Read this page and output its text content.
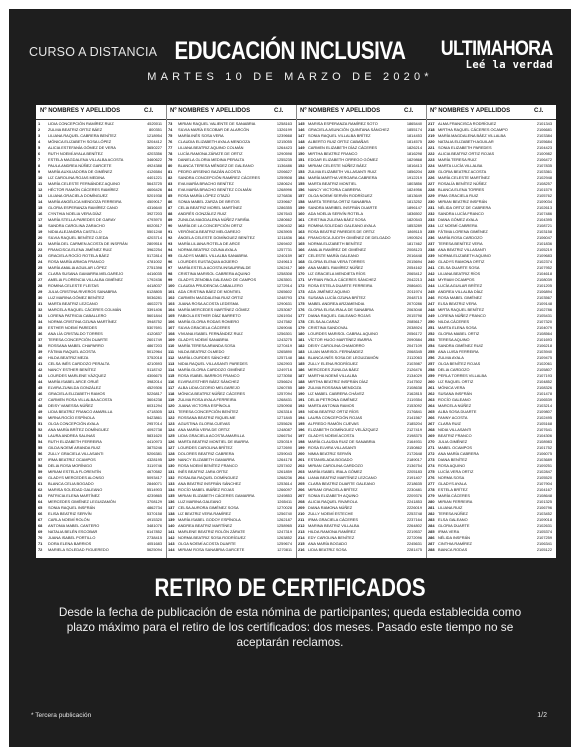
CURSO A DISTANCIA EDUCACIÓN INCLUSIVA
MARTES 10 DE MARZO DE 2020*
ULTIMAHORA
Leé la verdad
Nº NOMBRES Y APELLIDOS	C.I.	Nº NOMBRES Y APELLIDOS	C.I.	Nº NOMBRES Y APELLIDOS	C.I.	Nº NOMBRES Y APELLIDOS	C.I.
1	LIDIA CONCEPCIÓN RAMÍREZ RUIZ	4520011
2	ZULMA BEATRIZ ORTIZ BÁEZ	800351
3	LILIANA RAQUEL CABRERA BENÍTEZ	1218954
4	MÓNICA ELIZABETH SOSA LÓPEZ	3204412
5	ALICIA ESTEFANÍA GÓMEZ DE VERA	3650227
6	RUTH NOEMÍ AYALA BENÍTEZ	4203356
7	ESTELA MAGDALENA VILLALBA ACOSTA	3460622
8	PAULA ANDREA NÚÑEZ GARCETE	4924388
9	MARÍA AUXILIADORA DE GIMÉNEZ	4126584
10	LIZ CAROLINA ROJAS MEDINA	4401221
11	MARÍA CELESTE FERNÁNDEZ AQUINO	5643725
12	HÉCTOR RAMÓN CÁCERES RAMÍREZ	4606426
13	LILIANA GRACIELA DOMÍNGUEZ	5201938
14	MARÍA ANGÉLICA MENDOZA FERREIRA	4509017
15	GLORIA ESPERANZA RAMÍREZ CANO	4316640
16	CYNTHIA NOELIA VERA DÍAZ	3927203
17	MARÍA STELLA PAREDES DE GARAY	4793970
18	SANDRA CAROLINA ZARACHO	6020517
19	NIDIA ALEJANDRA CASTILLO	5501248
20	SILVIA RAQUEL BENÍTEZ OJEDA	4203714
21	MARÍA DEL CARMEN ACOSTA DE INSFRÁN	2809516
22	FRANCISCA ELENA JIMÉNEZ RUIZ	3962254
23	GRACIELA ROCÍO ROTELA BÁEZ	5172814
24	ROSA MARÍA ARMOA FRANCO	4781002
25	MARÍA AMALIA AGUILAR LÓPEZ	2751398
26	CLARA SUSANA GAMARRA MELGAREJO	4416035
27	AMELIA FLORENCIA VILLALBA GIMÉNEZ	1792436
28	ROMINA CELESTE FLEITAS	4418037
29	JULIA CRISTINA RIVEROS SANABRIA	6128805
30	LUZ MARINA GÓMEZ BENÍTEZ	5036281
31	MARTA BEATRIZ LEZCANO	4602275
32	MARCELA RAQUEL CÁCERES COLMÁN	3391406
33	LORENA PATRICIA CABALLERO	5601844
34	NORMA CRISTINA OZUNA MARTÍNEZ	3948752
35	ESTHER NOEMÍ PAREDES	5307691
36	ANA LÍA CRISTALDO TORRES	4120837
37	TERESA CONCEPCIÓN DUARTE	2601749
38	ROSSANA MABEL CHAPARRO	4867203
39	FÁTIMA RAQUEL ACOSTA	5012964
40	HILDA BEATRIZ MEZA	3752018
41	CELSA INÉS CARDOZO PERALTA	4210593
42	NANCY ESTHER BENÍTEZ	5118742
43	LOURDES MARLENE VÁZQUEZ	4306675
44	MARÍA ISABEL ARCE ORUÉ	3982014
45	ELVIRA ZUNILDA GONZÁLEZ	4529306
46	GRACIELA ELIZABETH RAMOS	5226817
47	CARMEN ROSA VILLALBA ACOSTA	3604238
48	DEISY VANESSA NÚÑEZ	6031294
49	LIDIA BEATRIZ FRANCO AMARILLA	4718305
50	MIRNA ROCÍO ESPÍNOLA	5423861
51	OLGA CONCEPCIÓN AYALA	2957014
52	ANA MARÍA BRÍTEZ DOMÍNGUEZ	4092738
53	LAURA ANDREA SALINAS	5831620
54	RUTH ELIZABETH FERREIRA	4410973
55	GILDA NOEMÍ ARANDA RUIZ	3875246
56	ZULLY GRACIELA VILLASANTI	5206381
57	IRMA BEATRIZ OCAMPOS	4328195
58	DELIA ROSA MORÍNIGO	3119746
59	MIRIAM ESTELA FLORENTÍN	4670582
60	GLADYS MERCEDES ALONSO	5093417
61	BLANCA CELIA BOGADO	2846071
62	MARISA SOLEDAD GALEANO	5514903
63	PATRICIA ELENA MARTÍNEZ	4239865
64	MERCEDES GIMÉNEZ LEGUIZAMÓN	3708129
65	SONIA RAQUEL INSFRÁN	4862734
66	ELISA BEATRIZ SERVÍN	5370158
67	CARLA NOEMÍ ROLÓN	4915320
68	ANTONIA MABEL CANTERO	3481076
69	NATALIA BELÉN ESCOBAR	6147852
70	JUANA ISABEL PORTILLO	2738415
71	DORA ELENA BARRIOS	4051683
72	MARIELA SOLEDAD FIGUEREDO	5625094
73	MIRIAN RAQUEL VALIENTE DE SANABRIA	1258163
74	SILVIA MARÍA ESCOBAR DE ALARCÓN	1326199
75	MARÍA INÉS SOSA VERA	1239668
76	CLAUDIA ELIZABETH AYALA MENDOZA	1215055
77	LILIANA BEATRIZ AQUINO COLMÁN	1264423
78	LUCÍA RAMONA ZÁRATE DE ORTIZ	1290598
79	DANIELA GLORIA MEDINA PERALTA	1255235
80	BLANCA TERESA MÉNDEZ DE GALEANO	1136486
81	PEDRO ARSENIO BAZÁN ACOSTA	1206627
82	SANDRA CONCEPCIÓN RAMÍREZ CÁCERES	1259508
83	EVA MARÍA BRACHO BENÍTEZ	1280624
84	EVA MARÍA BRACHO BENÍTEZ COLMÁN	1268996
85	ROSA MARÍA LÓPEZ OTAZÚ	1276836
86	SONIA MABEL ZARZA DE BRITOS	1239667
87	CELIA BEATRIZ MOREL MARTÍNEZ	1286355
88	ANDRÉS GONZÁLEZ RUIZ	1267643
89	ZUNILDA MAGDALENA NÚÑEZ FARIÑA	1280662
90	MARÍA DE LA CONCEPCIÓN ORTIZ	1260432
91	VERÓNICA BEATRIZ MELGAREJO	1263905
92	ÁNGELA CELESTE DOMÍNGUEZ BENÍTEZ	1211836
93	MARÍA LILIANA ROTELA DE ARCE	1269402
94	NORMA BEATRIZ OZUNA AYALA	1257731
95	GLADYS MABEL VILLALBA SANABRIA	1240159
96	LOURDES EUSTAQUIA AGÜERO	1249613
97	MARÍA ESTELA ACOSTA INSAURRALDE	1262417
98	CRISTINA MARISOL CABRERA AQUINO	1258308
99	GLADYS ZENOBIA GALEANO DE CAMPOS	1263501
100 CLAUDIA PRUDENCIA CABALLERO	1272914
101 ADA CRISTINA BÁEZ DE MONTIEL	1265602
102 CARMEN MAGDALENA RUIZ ORTIZ	1248793
103 JUANA ROSA ACOSTA LEDESMA	1290631
104 MARÍA MERCEDES MARTÍNEZ GÓMEZ	1253087
105 FABIOLA ESTHER DÍAZ BARRETO	1261934
106 MARÍA GLORIA RODAS ROMERO	1247582
107 SILVIA GRACIELA CÁCERES	1269046
108 VIVIANA ISABEL FERNÁNDEZ RUIZ	1256301
109 GLADYS NOEMÍ SANABRIA	1243275
110 MARÍA TERESA ARANDA SOSA	1270419
111	NILDA BEATRIZ OLMEDO	1265890
112 MARÍA LOURDES SÁNCHEZ	1257148
113 NIDIA RAQUEL VILLASANTI PAREDES	1262903
114 MARÍA GLORIA CARDOZO GIMÉNEZ	1249716
115 ROSA ISABEL BARRIOS FRANCO	1273058
116 ELVIRA ESTHER BÁEZ SÁNCHEZ	1256624
117 ALBA LIDIA OZORIO MELGAREJO	1260785
118 MÓNICA BEATRIZ NÚÑEZ CÁCERES	1257094
119 ZULMA ROSA AYALA FERREIRA	1268431
120 JUANA VICTORIA ESPÍNOLA	1250908
121 TERESA CONCEPCIÓN BENÍTEZ	1263316
122 ROSSANA BEATRIZ RIQUELME	1271845
123 AGUSTINA GLORIA CUEVAS	1255626
124 ANA MARÍA VERA DE ORTIZ	1248087
125 LIDIA GRACIELA ACOSTA AMARILLA	1266754
126 MARTA BEATRIZ MONTIEL DE IBARRA	1250319
127 LOURDES CAROLINA BRÍTEZ	1272690
128 DOLORES BEATRIZ CABRERA	1259043
129 NANCY ELIZABETH GAMARRA	1264178
130 ROSA NOEMÍ BENÍTEZ FRANCO	1257402
131 INÉS BEATRIZ JARA ORTIZ	1261859
132 ROSALBA RAQUEL DOMÍNGUEZ	1268236
133 ANA BEATRIZ INSFRÁN SÁNCHEZ	1253614
134 ROCÍO MABEL IBÁÑEZ ROJAS	1266097
135 MIRIAN ELIZABETH CÁCERES GAMARRA	1249853
136 LUZ MARINA GALEANO	1265411
137 CELSA AURORA GIMÉNEZ SOSA	1270028
138 LIZ BEATRIZ VERA RAMÍREZ	1256740
139 MARÍA ISABEL GODOY ESPÍNOLA	1262187
140 ANDREA BEATRIZ MARTÍNEZ	1258965
141 MARLENE BEATRIZ ROLÓN ZÁRATE	1247319
142 NORMA BEATRIZ SOSA RODRÍGUEZ	1263852
143 OLGA NOEMÍ ACOSTA DUARTE	1259674
144 MIRIAM ROSA SANABRIA GARCETE	1270811
145 MARISA ESPERANZA RAMÍREZ SOTO	1865440
146 GRACIELA ASUNCIÓN QUINTANA SÁNCHEZ	1855174
147 SONIA RAQUEL VILLALBA BRÍTEZ	1814453
148 ALBERTO RUIZ ORTIZ CABAÑAS	1814575
149 CARMEN ELIZABETH DÍAZ CÁCERES	1826214
150 MIRTHA BEATRIZ FRANCO	1816298
151 EDGAR ELIZABETH ORREGO GÓMEZ	1829868
152 MIRIAM CELESTE NÚÑEZ BÁEZ	1816413
153 ZULMA ELIZABETH VILLASANTI RUIZ	1856204
154 MARÍA MARTHA VERGARA CABRERA	1912219
155 MARTA BEATRIZ MONTIEL	1803856
156 NANCY VICTORIA CABRERA	1824956
157 OLGA NOEMÍ SERVÍN RODRÍGUEZ	1813649
158 MARTA TERESA ORTIZ SANABRIA	1813252
159 SANDRA MARIBEL INSFRÁN DUARTE	1896147
160 ADA NOELIA SERVÍN ROTELA	1836502
161 CRISTINA ZULEMA BÁEZ SOSA	1820543
162 ROMINA SOLEDAD GALEANO AYALA	1853289
163 ROSA BEATRIZ PAREDES DE ORTIZ	1869115
164 FRANCISCA JUDITH GIMÉNEZ DE DELGADO	1900524
165 NORMA ELIZABETH BENÍTEZ	1817462
166 AMALIA RAMÍREZ DE GIMÉNEZ	2008123
167 CELESTE MARÍA GALEANO	2016448
168 GLORIA ELENA VERA TORRES	2015694
169 ANA MABEL RAMÍREZ NÚÑEZ	2054162
170 LIZ GRACIELA MENDIETA RÍOS	2065412
171 MYRIAN PAOLA CÁCERES SÁNCHEZ	2042213
172 ROSA ESTELA DUARTE FERREIRA	2086401
173 ADA JIMÉNEZ AQUINO	2011974
174 SUSANA LUCÍA OZUNA BRÍTEZ	2048715
175 MABEL ANDREA ARZAMENDIA	2070286
176 GLORIA ELISA IRALA DE SANABRIA	2063048
177 DIANA RAQUEL GALEANO ROJAS	2015798
178 CELSA ALCARAZ	2085617
179 CRISTINA SANDOVAL	2038924
180 LOURDES MARISOL CABRAL AQUINO	2056172
181 VÍCTOR HUGO MARTÍNEZ IBARRA	2090584
182 DEISY CAROLINA CHAMORRO	2047109
183 LILIAN MARISOL FERNÁNDEZ	2068345
184 BLANCA INÉS SOSA DE LEGUIZAMÓN	2112063
185 ZULLY ELENA RODRÍGUEZ	2103987
186 MERCEDES ZUNILDA BÁEZ	2126476
187 MARTHA NOEMÍ VILLALBA	2134029
188 MIRTHA BEATRIZ INSFRÁN DÍAZ	2147502
189 ZULMA ROSSANA MENDOZA	2108638
190 LIZ MABEL CABRERA CHÁVEZ	2162815
191 DELIA PETRONA GIMÉNEZ	2119354
192 MARTA ANTONIA RAMOS	2153092
193 NIDIA BEATRIZ ORTIZ RÍOS	2176841
194 LAURA CONCEPCIÓN ROJAS	2141567
195 ALFREDO RAMÓN CUEVAS	2185204
196 ELIZABETH DOMÍNGUEZ VELÁZQUEZ	2127419
197 GLADYS NOEMÍ ACOSTA	2198375
198 MARÍA CLAUDIA RUIZ DE SANABRIA	2164931
199 ROSA ELVIRA VILLASANTI	2150862
200 NIMIA BEATRIZ SERVÍN	2172648
201 ESTANISLADA BOGADO	2189017
202 MIRIAN CAROLINA CARDOZO	2136754
203 MARÍA ISABEL IRALA GÓMEZ	2205183
204 LIANA BEATRIZ MARTÍNEZ LEZCANO	2191407
205 CLARA BEATRIZ DUARTE GALEANO	2218635
206 MIRIAM GRACIELA BRÍTEZ	2230481
207 SONIA ELIZABETH AQUINO	2209376
208 ALICIA RAQUEL RIVAROLA	2241853
209 DIANA RAMONA NÚÑEZ	2226019
210 ZULLY NOEMÍ ESTECHE	2253748
211 IRMA GRACIELA CÁCERES	2237164
212 MARINA BEATRIZ VILLALBA	2264802
213 HILDA RAMONA RAMÍREZ	2219537
214 EDY CAROLINA BENÍTEZ	2272096
215 ANA MARÍA BOGADO	2245631
216 LIDIA BEATRIZ SOSA	2281475
217 ALMA FRANCISCA RODRÍGUEZ	2101343
218 MIRTHA RAQUEL CÁCERES OCAMPO	2106681
219 MARÍA MAGDALENA BÁEZ VILLALBA	2103384
220 NATALIA ELIZABETH AGUILAR	2105684
221 SONIA ELIZABETH PAREDES	2104423
222 ALICIA BEATRIZ ORTIZ ROJAS	2100982
223 MARÍA TERESA RUIZ	2106472
224 MARTA LUCÍA VILLALBA	2107835
225 GLORIA BEATRIZ ACOSTA	2103361
226 MARÍA CELESTE MARTÍNEZ	2102948
227 ROSALÍA BENÍTEZ NÚÑEZ	2108257
228 BLANCA ELENA TORRES	2101579
229 IRMA GRACIELA RUIZ	2105762
230 MIRIAN BEATRIZ INSFRÁN	2109034
231 NÉLIDA ORTIZ DE CABRERA	2102613
232 SANDRA LUCÍA FRANCO	2107486
233 DIANA GÓMEZ AYALA	2104395
234 LIZ NOEMÍ CABRERA	2108721
235 FÁTIMA LORENA GIMÉNEZ	2103158
236 MARÍA ROSA CARDOZO	2106047
237 TERESA BENÍTEZ VERA	2101836
238 ANA BEATRIZ VILLASANTI	2105219
239 NORMA ELIZABETH AQUINO	2109683
240 GLADYS RAMONA ORTIZ	2102374
241 CELSA DUARTE SOSA	2107952
242 LILIANA BEATRIZ RÍOS	2104618
243 MYRIAM OCAMPOS	2108039
244 LUCÍA AGUILAR BRÍTEZ	2101205
245 ANDREA VILLALBA DÍAZ	2106894
246 ROSA MABEL GIMÉNEZ	2103567
247 ELSA BEATRIZ VERA	2109148
248 MIRTA RAQUEL BENÍTEZ	2102786
249 LORENA NÚÑEZ FRANCO	2105431
250 NILDA CÁCERES	2107320
251 MARTA ELENA SOSA	2104079
252 GLORIA MABEL ORTIZ	2108564
253 TERESA AQUINO	2101693
254 SANDRA GIMÉNEZ RUIZ	2106218
255 ANA LUISA FERREIRA	2103940
256 ZULMA AYALA	2109475
257 OLGA BENÍTEZ ROJAS	2102061
258 DELIA CARDOZO	2105807
259 PERLA TORRES VILLALBA	2107193
260 LIZ RAQUEL ORTIZ	2104852
261 MÓNICA VERA	2108326
262 SUSANA INSFRÁN	2101478
263 ROCÍO GALEANO	2106539
264 MARCELA NÚÑEZ	2103214
265 ALBA SOSA DUARTE	2109807
266 FANNY ACOSTA	2102495
267 CLARA RUIZ	2105168
268 NIDIA VILLASANTI	2107641
269 BEATRIZ FRANCO	2104306
270 JULIA GIMÉNEZ	2108983
271 MABEL OCAMPOS	2101752
272 ANA MARÍA CABRERA	2106075
273 DIANA BENÍTEZ	2103689
274 ROSA AQUINO	2109251
275 LUCÍA VERA ORTIZ	2102847
276 NORMA SOSA	2105520
277 GLADYS AYALA	2107904
278 ESTELA BRÍTEZ	2104167
279 MARÍA CÁCERES	2108648
280 MIRIAN FERREIRA	2101325
281 LILIANA RUIZ	2106796
282 TERESA NÚÑEZ	2103452
283 ELSA GALEANO	2109018
284 GLORIA DUARTE	2102631
285 IRMA VERA	2105374
286 NÉLIDA INSFRÁN	2107259
287 CINTHIA RAMÍREZ	2106341
288 BIANCA RODAS	2105122
RETIRO DE CERTIFICADOS
Desde la fecha de publicación de esta nómina de participantes; queda establecida como plazo máximo para el retiro de los certificados: dos meses. Pasado este tiempo no se aceptarán reclamos.
* Tercera publicación	1/2
